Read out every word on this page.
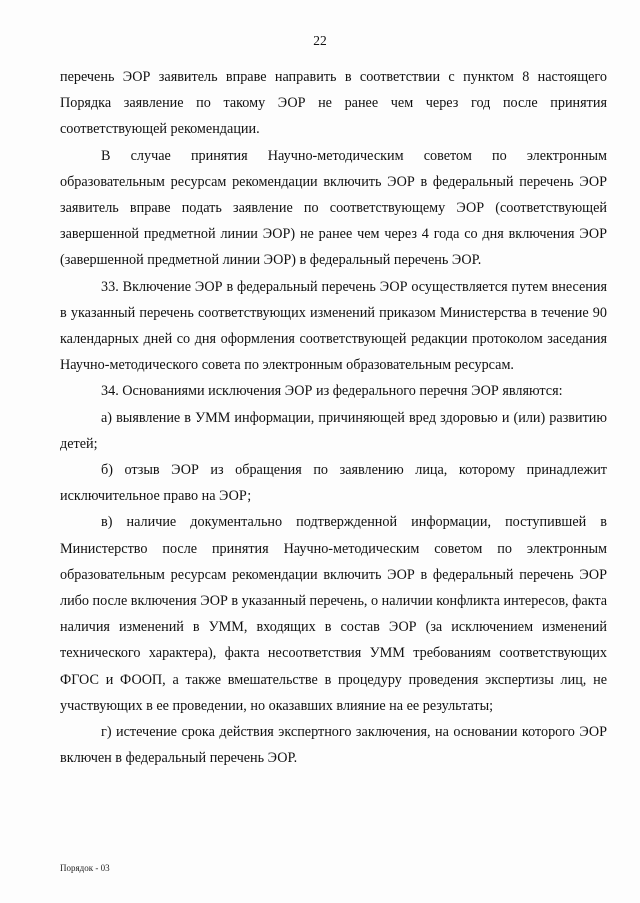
22

перечень ЭОР заявитель вправе направить в соответствии с пунктом 8 настоящего Порядка заявление по такому ЭОР не ранее чем через год после принятия соответствующей рекомендации.

В случае принятия Научно-методическим советом по электронным образовательным ресурсам рекомендации включить ЭОР в федеральный перечень ЭОР заявитель вправе подать заявление по соответствующему ЭОР (соответствующей завершенной предметной линии ЭОР) не ранее чем через 4 года со дня включения ЭОР (завершенной предметной линии ЭОР) в федеральный перечень ЭОР.

33. Включение ЭОР в федеральный перечень ЭОР осуществляется путем внесения в указанный перечень соответствующих изменений приказом Министерства в течение 90 календарных дней со дня оформления соответствующей редакции протоколом заседания Научно-методического совета по электронным образовательным ресурсам.

34. Основаниями исключения ЭОР из федерального перечня ЭОР являются:

а) выявление в УММ информации, причиняющей вред здоровью и (или) развитию детей;

б) отзыв ЭОР из обращения по заявлению лица, которому принадлежит исключительное право на ЭОР;

в) наличие документально подтвержденной информации, поступившей в Министерство после принятия Научно-методическим советом по электронным образовательным ресурсам рекомендации включить ЭОР в федеральный перечень ЭОР либо после включения ЭОР в указанный перечень, о наличии конфликта интересов, факта наличия изменений в УММ, входящих в состав ЭОР (за исключением изменений технического характера), факта несоответствия УММ требованиям соответствующих ФГОС и ФООП, а также вмешательстве в процедуру проведения экспертизы лиц, не участвующих в ее проведении, но оказавших влияние на ее результаты;

г) истечение срока действия экспертного заключения, на основании которого ЭОР включен в федеральный перечень ЭОР.

Порядок - 03
